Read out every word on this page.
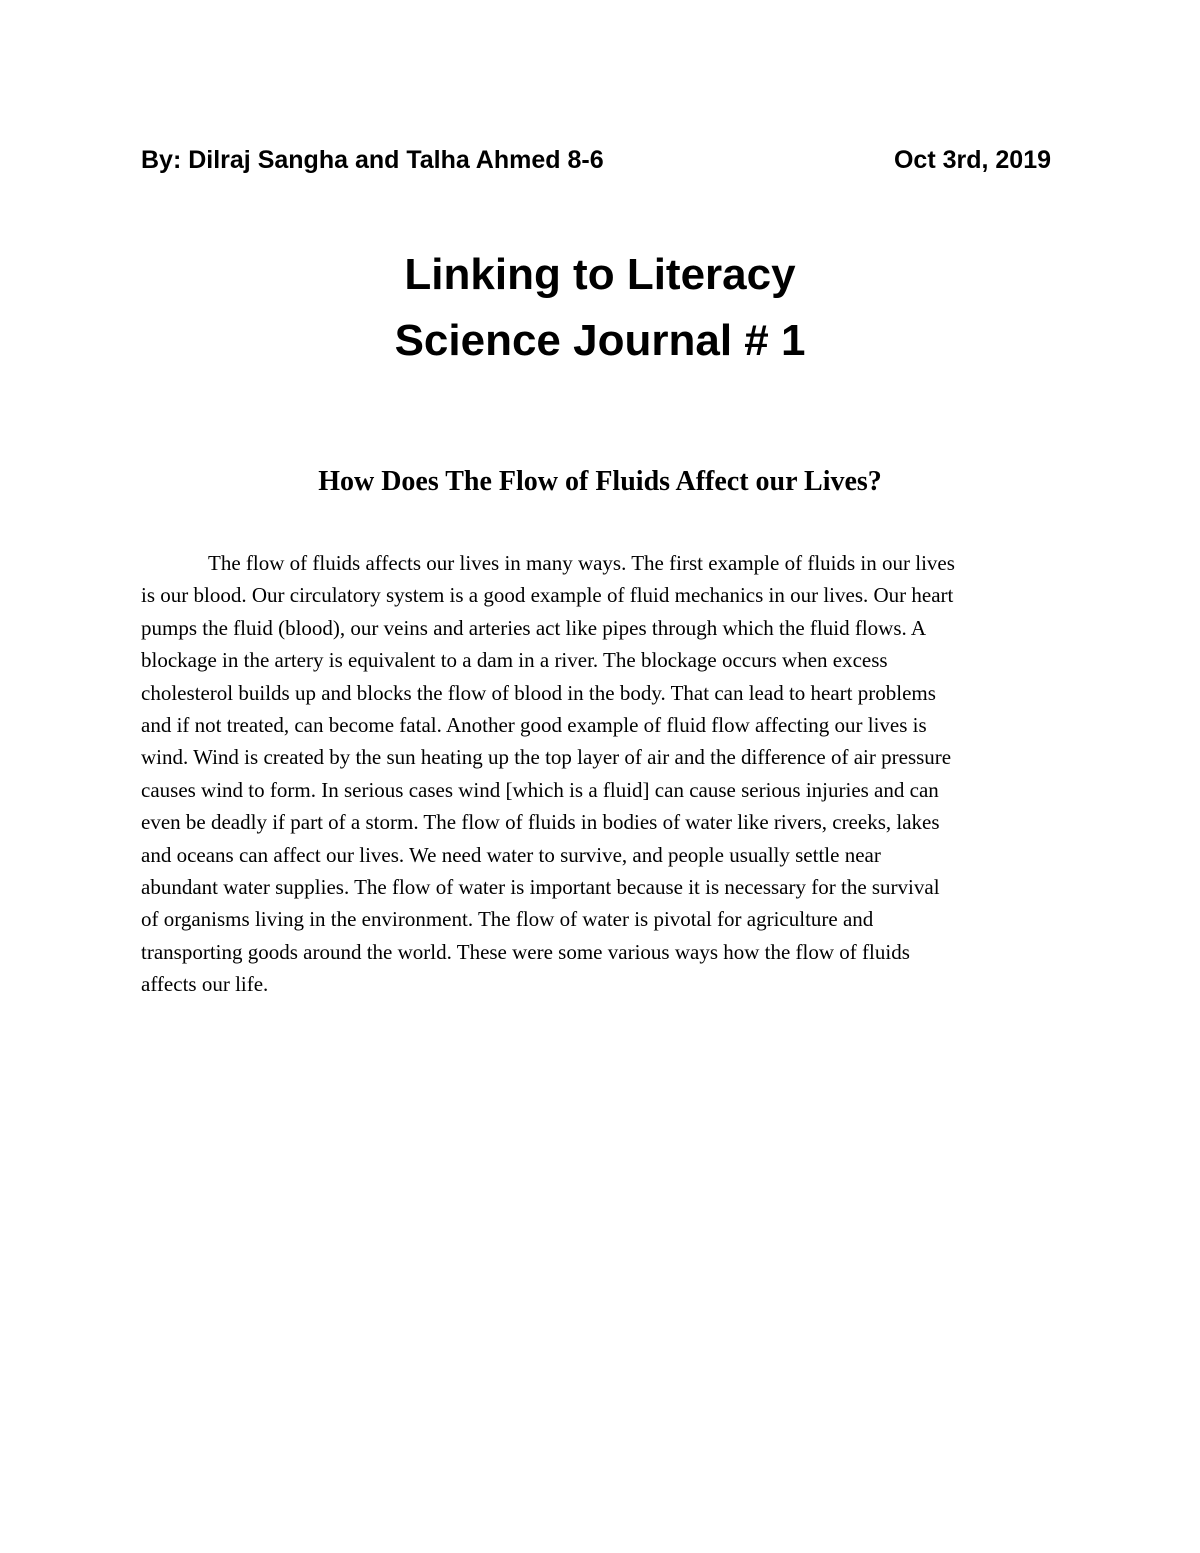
By: Dilraj Sangha and Talha Ahmed 8-6	Oct 3rd, 2019
Linking to Literacy
Science Journal # 1
How Does The Flow of Fluids Affect our Lives?
The flow of fluids affects our lives in many ways. The first example of fluids in our lives
is our blood. Our circulatory system is a good example of fluid mechanics in our lives. Our heart
pumps the fluid (blood), our veins and arteries act like pipes through which the fluid flows. A
blockage in the artery is equivalent to a dam in a river. The blockage occurs when excess
cholesterol builds up and blocks the flow of blood in the body. That can lead to heart problems
and if not treated, can become fatal. Another good example of fluid flow affecting our lives is
wind. Wind is created by the sun heating up the top layer of air and the difference of air pressure
causes wind to form. In serious cases wind [which is a fluid] can cause serious injuries and can
even be deadly if part of a storm. The flow of fluids in bodies of water like rivers, creeks, lakes
and oceans can affect our lives. We need water to survive, and people usually settle near
abundant water supplies. The flow of water is important because it is necessary for the survival
of organisms living in the environment. The flow of water is pivotal for agriculture and
transporting goods around the world. These were some various ways how the flow of fluids
affects our life.
